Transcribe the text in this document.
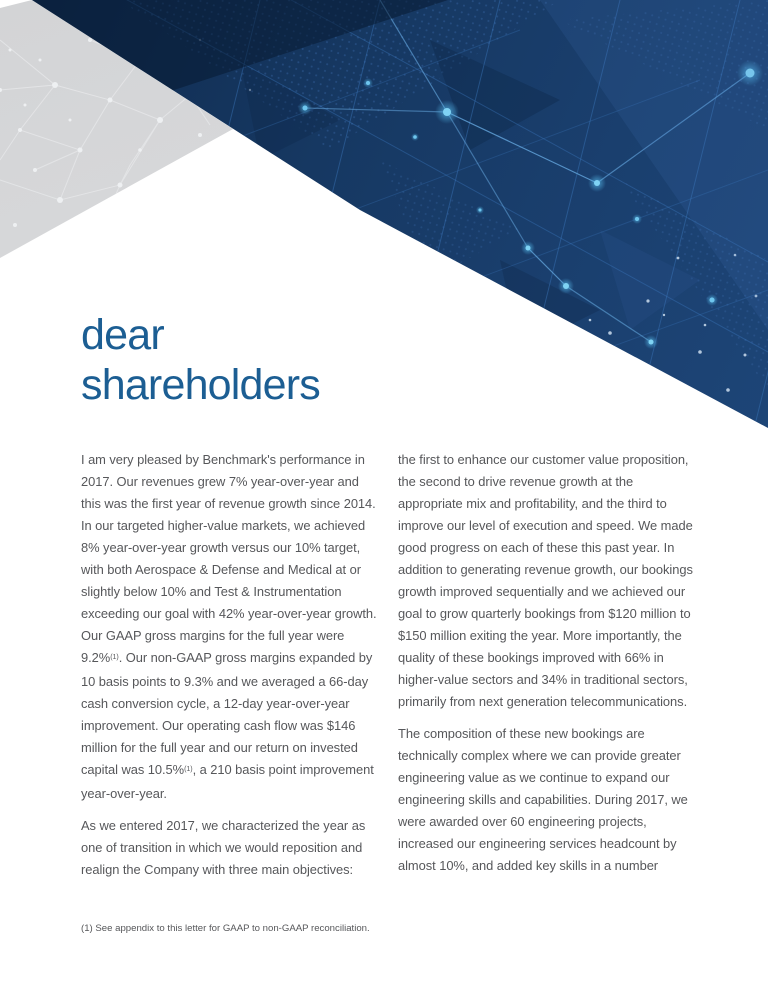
dear
shareholders

I am very pleased by Benchmark's performance in 2017. Our revenues grew 7% year-over-year and this was the first year of revenue growth since 2014. In our targeted higher-value markets, we achieved 8% year-over-year growth versus our 10% target, with both Aerospace & Defense and Medical at or slightly below 10% and Test & Instrumentation exceeding our goal with 42% year-over-year growth. Our GAAP gross margins for the full year were 9.2%$^{(1)}$. Our non-GAAP gross margins expanded by 10 basis points to 9.3% and we averaged a 66-day cash conversion cycle, a 12-day year-over-year improvement. Our operating cash flow was $146 million for the full year and our return on invested capital was 10.5%$^{(1)}$, a 210 basis point improvement year-over-year.

As we entered 2017, we characterized the year as one of transition in which we would reposition and realign the Company with three main objectives:

the first to enhance our customer value proposition, the second to drive revenue growth at the appropriate mix and profitability, and the third to improve our level of execution and speed. We made good progress on each of these this past year. In addition to generating revenue growth, our bookings growth improved sequentially and we achieved our goal to grow quarterly bookings from $120 million to $150 million exiting the year. More importantly, the quality of these bookings improved with 66% in higher-value sectors and 34% in traditional sectors, primarily from next generation telecommunications.

The composition of these new bookings are technically complex where we can provide greater engineering value as we continue to expand our engineering skills and capabilities. During 2017, we were awarded over 60 engineering projects, increased our engineering services headcount by almost 10%, and added key skills in a number

(1) See appendix to this letter for GAAP to non-GAAP reconciliation.
